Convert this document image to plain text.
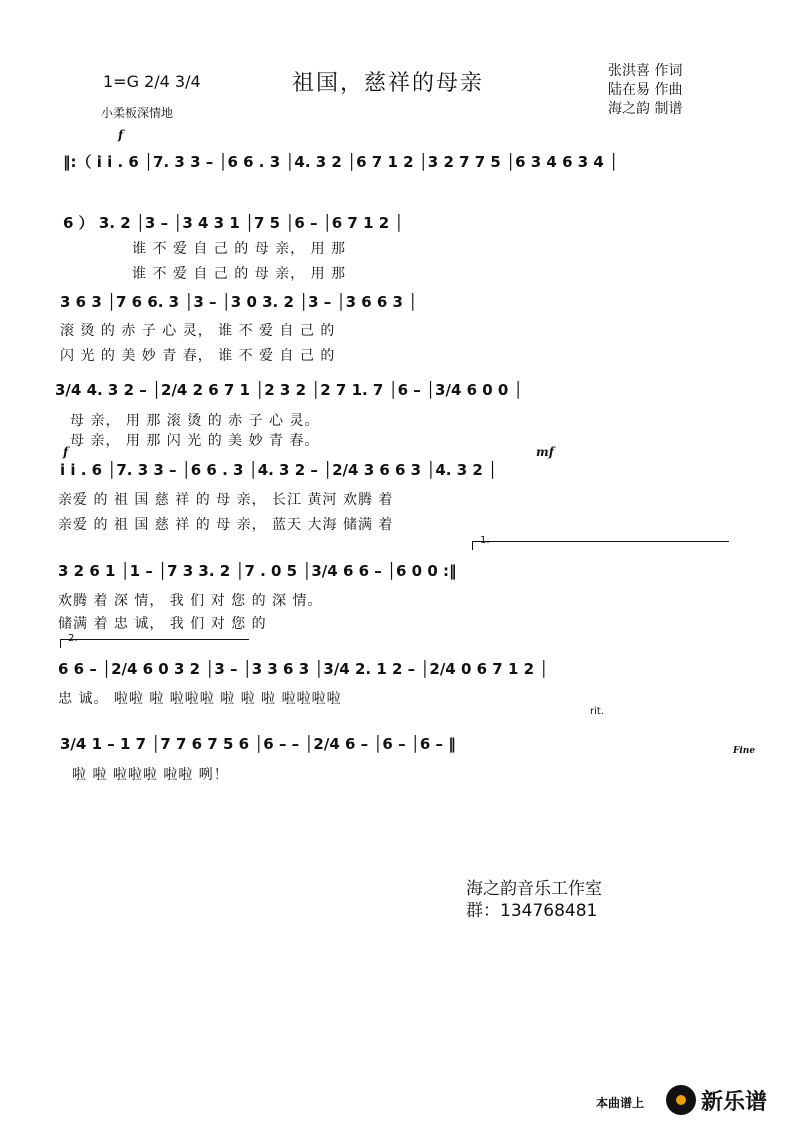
1=G 2/4 3/4	祖国，慈祥的母亲
小柔板深情地
张洪喜 作词
陆在易 作曲
海之韵 制谱
f
‖:（ i i . 6 │7. 3 3 – │6 6 . 3 │4. 3 2 │6 7 1 2 │3 2 7 7 5 │6 3 4 6 3 4 │
6 ） 3. 2 │3 – │3 4 3 1 │7 5 │6 – │6 7 1 2 │
谁 不 爱 自 己 的 母 亲， 用 那
谁 不 爱 自 己 的 母 亲， 用 那
3 6 3 │7 6 6. 3 │3 – │3 0 3. 2 │3 – │3 6 6 3 │
滚 烫 的 赤 子 心 灵， 谁 不 爱 自 己 的
闪 光 的 美 妙 青 春， 谁 不 爱 自 己 的
3/4 4. 3 2 – │2/4 2 6 7 1 │2 3 2 │2 7 1. 7 │6 – │3/4 6 0 0 │
母 亲， 用 那 滚 烫 的 赤 子 心 灵。
母 亲， 用 那 闪 光 的 美 妙 青 春。
f	mf
i i . 6 │7. 3 3 – │6 6 . 3 │4. 3 2 – │2/4 3 6 6 3 │4. 3 2 │
亲爱 的 祖 国 慈 祥 的 母 亲， 长江 黄河 欢腾 着
亲爱 的 祖 国 慈 祥 的 母 亲， 蓝天 大海 储满 着
1.
3 2 6 1 │1 – │7 3 3. 2 │7 . 0 5 │3/4 6 6 – │6 0 0 :‖
欢腾 着 深 情， 我 们 对 您 的 深 情。
储满 着 忠 诚， 我 们 对 您 的
2.
6 6 – │2/4 6 0 3 2 │3 – │3 3 6 3 │3/4 2. 1 2 – │2/4 0 6 7 1 2 │
忠 诚。 啦啦 啦 啦啦啦 啦 啦 啦 啦啦啦啦
rit.
3/4 1 – 1 7 │7 7 6 7 5 6 │6 – – │2/4 6 – │6 – │6 – ‖	Fine
啦 啦 啦啦啦 啦啦 咧！
海之韵音乐工作室
群：134768481
本曲谱上	新乐谱
